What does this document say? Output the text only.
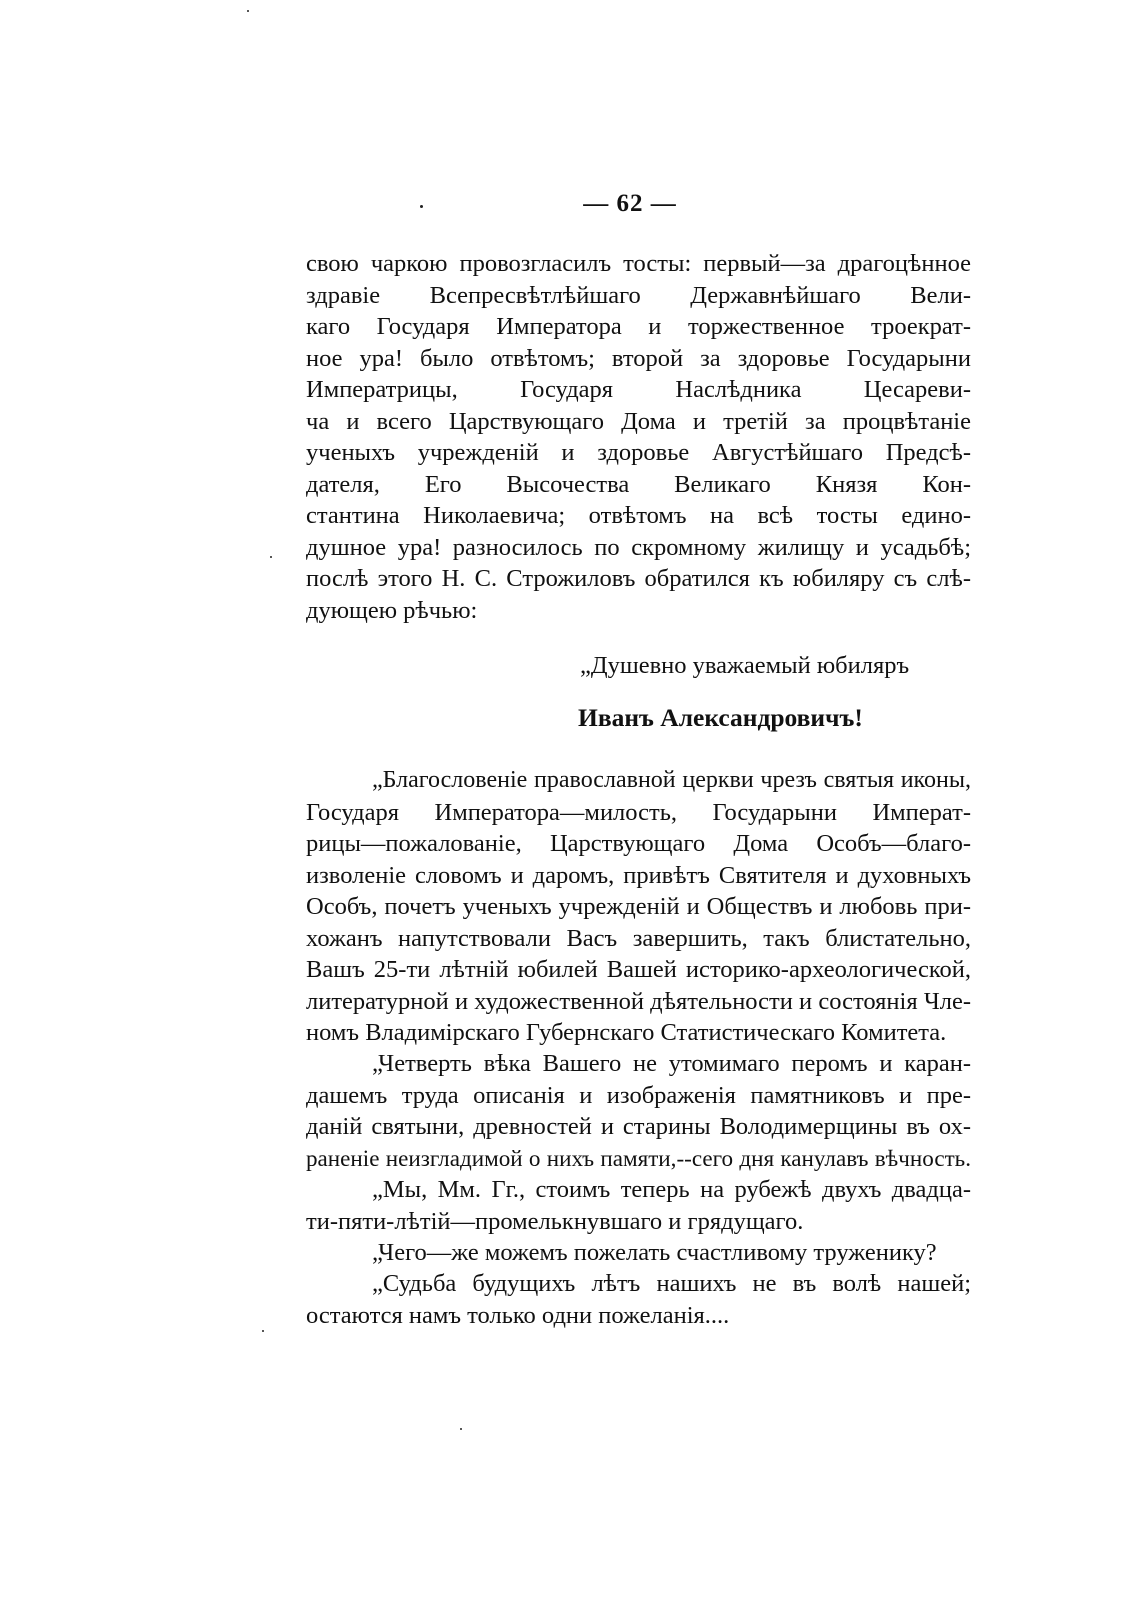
— 62 —
свою чаркою провозгласилъ тосты: первый—за драгоцѣнное
здравіе Всепресвѣтлѣйшаго Державнѣйшаго Вели-
каго Государя Императора и торжественное троекрат-
ное ура! было отвѣтомъ; второй за здоровье Государыни
Императрицы, Государя Наслѣдника Цесареви-
ча и всего Царствующаго Дома и третій за процвѣтаніе
ученыхъ учрежденій и здоровье Августѣйшаго Предсѣ-
дателя, Его Высочества Великаго Князя Кон-
стантина Николаевича; отвѣтомъ на всѣ тосты едино-
душное ура! разносилось по скромному жилищу и усадьбѣ;
послѣ этого Н. С. Строжиловъ обратился къ юбиляру съ слѣ-
дующею рѣчью:
„Душевно уважаемый юбиляръ
Иванъ Александровичъ!
„Благословеніе православной церкви чрезъ святыя иконы,
Государя Императора—милость, Государыни Императ-
рицы—пожалованіе, Царствующаго Дома Особъ—благо-
изволеніе словомъ и даромъ, привѣтъ Святителя и духовныхъ
Особъ, почетъ ученыхъ учрежденій и Обществъ и любовь при-
хожанъ напутствовали Васъ завершить, такъ блистательно,
Вашъ 25-ти лѣтній юбилей Вашей историко-археологической,
литературной и художественной дѣятельности и состоянія Чле-
номъ Владимірскаго Губернскаго Статистическаго Комитета.
„Четверть вѣка Вашего не утомимаго перомъ и каран-
дашемъ труда описанія и изображенія памятниковъ и пре-
даній святыни, древностей и старины Володимерщины въ ох-
раненіе неизгладимой о нихъ памяти,--сего дня канулавъ вѣчность.
„Мы, Мм. Гг., стоимъ теперь на рубежѣ двухъ двадца-
ти-пяти-лѣтій—промелькнувшаго и грядущаго.
„Чего—же можемъ пожелать счастливому труженику?
„Судьба будущихъ лѣтъ нашихъ не въ волѣ нашей;
остаются намъ только одни пожеланія....
